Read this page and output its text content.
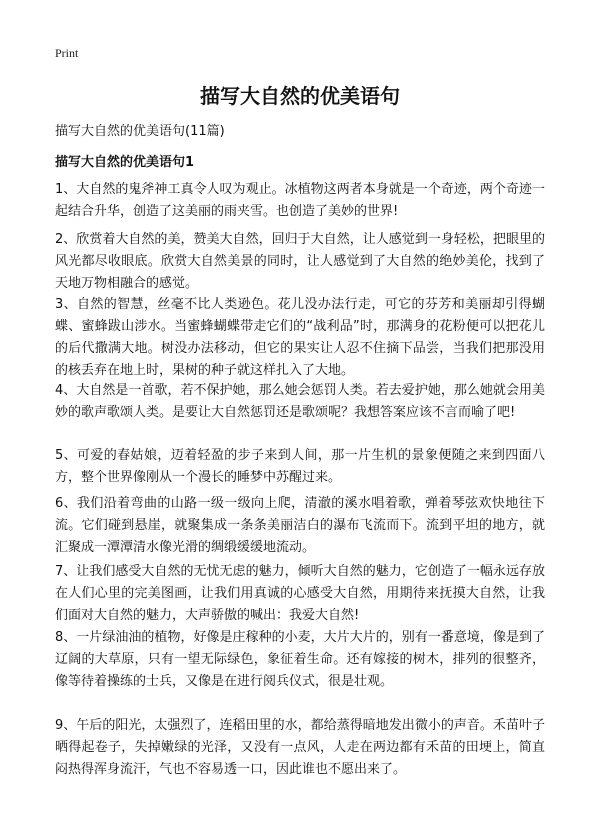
Print
描写大自然的优美语句

描写大自然的优美语句(11篇)

描写大自然的优美语句1

1、大自然的鬼斧神工真令人叹为观止。冰植物这两者本身就是一个奇迹，两个奇迹一起结合升华，创造了这美丽的雨夹雪。也创造了美妙的世界!

2、欣赏着大自然的美，赞美大自然，回归于大自然，让人感觉到一身轻松，把眼里的风光都尽收眼底。欣赏大自然美景的同时，让人感觉到了大自然的绝妙美伦，找到了天地万物相融合的感觉。

3、自然的智慧，丝毫不比人类逊色。花儿没办法行走，可它的芬芳和美丽却引得蝴蝶、蜜蜂跋山涉水。当蜜蜂蝴蝶带走它们的“战利品”时，那满身的花粉便可以把花儿的后代撒满大地。树没办法移动，但它的果实让人忍不住摘下品尝，当我们把那没用的核丢弃在地上时，果树的种子就这样扎入了大地。

4、大自然是一首歌，若不保护她，那么她会惩罚人类。若去爱护她，那么她就会用美妙的歌声歌颂人类。是要让大自然惩罚还是歌颂呢？我想答案应该不言而喻了吧!

5、可爱的春姑娘，迈着轻盈的步子来到人间，那一片生机的景象便随之来到四面八方，整个世界像刚从一个漫长的睡梦中苏醒过来。

6、我们沿着弯曲的山路一级一级向上爬，清澈的溪水唱着歌，弹着琴弦欢快地往下流。它们碰到悬崖，就聚集成一条条美丽洁白的瀑布飞流而下。流到平坦的地方，就汇聚成一潭潭清水像光滑的绸缎缓缓地流动。

7、让我们感受大自然的无忧无虑的魅力，倾听大自然的魅力，它创造了一幅永远存放在人们心里的完美图画，让我们用真诚的心感受大自然，用期待来抚摸大自然，让我们面对大自然的魅力，大声骄傲的喊出：我爱大自然!

8、一片绿油油的植物，好像是庄稼种的小麦，大片大片的，别有一番意境，像是到了辽阔的大草原，只有一望无际绿色，象征着生命。还有嫁接的树木，排列的很整齐，像等待着操练的士兵，又像是在进行阅兵仪式，很是壮观。

9、午后的阳光，太强烈了，连稻田里的水，都给蒸得暗地发出微小的声音。禾苗叶子晒得起卷子，失掉嫩绿的光泽，又没有一点风，人走在两边都有禾苗的田埂上，简直闷热得浑身流汗，气也不容易透一口，因此谁也不愿出来了。
